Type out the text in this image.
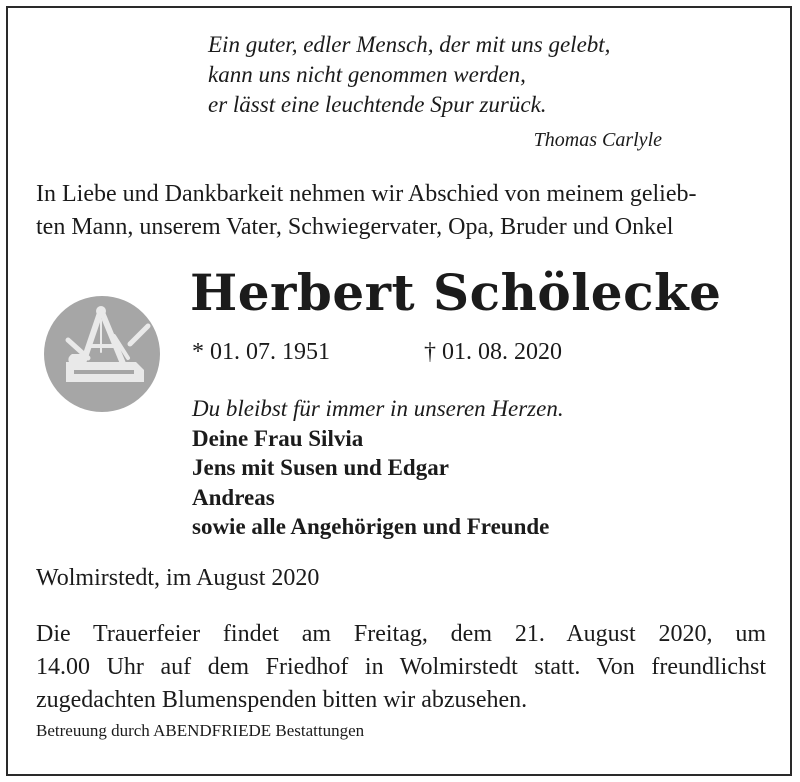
Ein guter, edler Mensch, der mit uns gelebt,
kann uns nicht genommen werden,
er lässt eine leuchtende Spur zurück.
Thomas Carlyle
In Liebe und Dankbarkeit nehmen wir Abschied von meinem gelieb-
ten Mann, unserem Vater, Schwiegervater, Opa, Bruder und Onkel
Herbert Schölecke
* 01. 07. 1951	† 01. 08. 2020
Du bleibst für immer in unseren Herzen.
Deine Frau Silvia
Jens mit Susen und Edgar
Andreas
sowie alle Angehörigen und Freunde
Wolmirstedt, im August 2020
Die Trauerfeier findet am Freitag, dem 21. August 2020, um
14.00 Uhr auf dem Friedhof in Wolmirstedt statt. Von freundlichst
zugedachten Blumenspenden bitten wir abzusehen.
Betreuung durch ABENDFRIEDE Bestattungen
